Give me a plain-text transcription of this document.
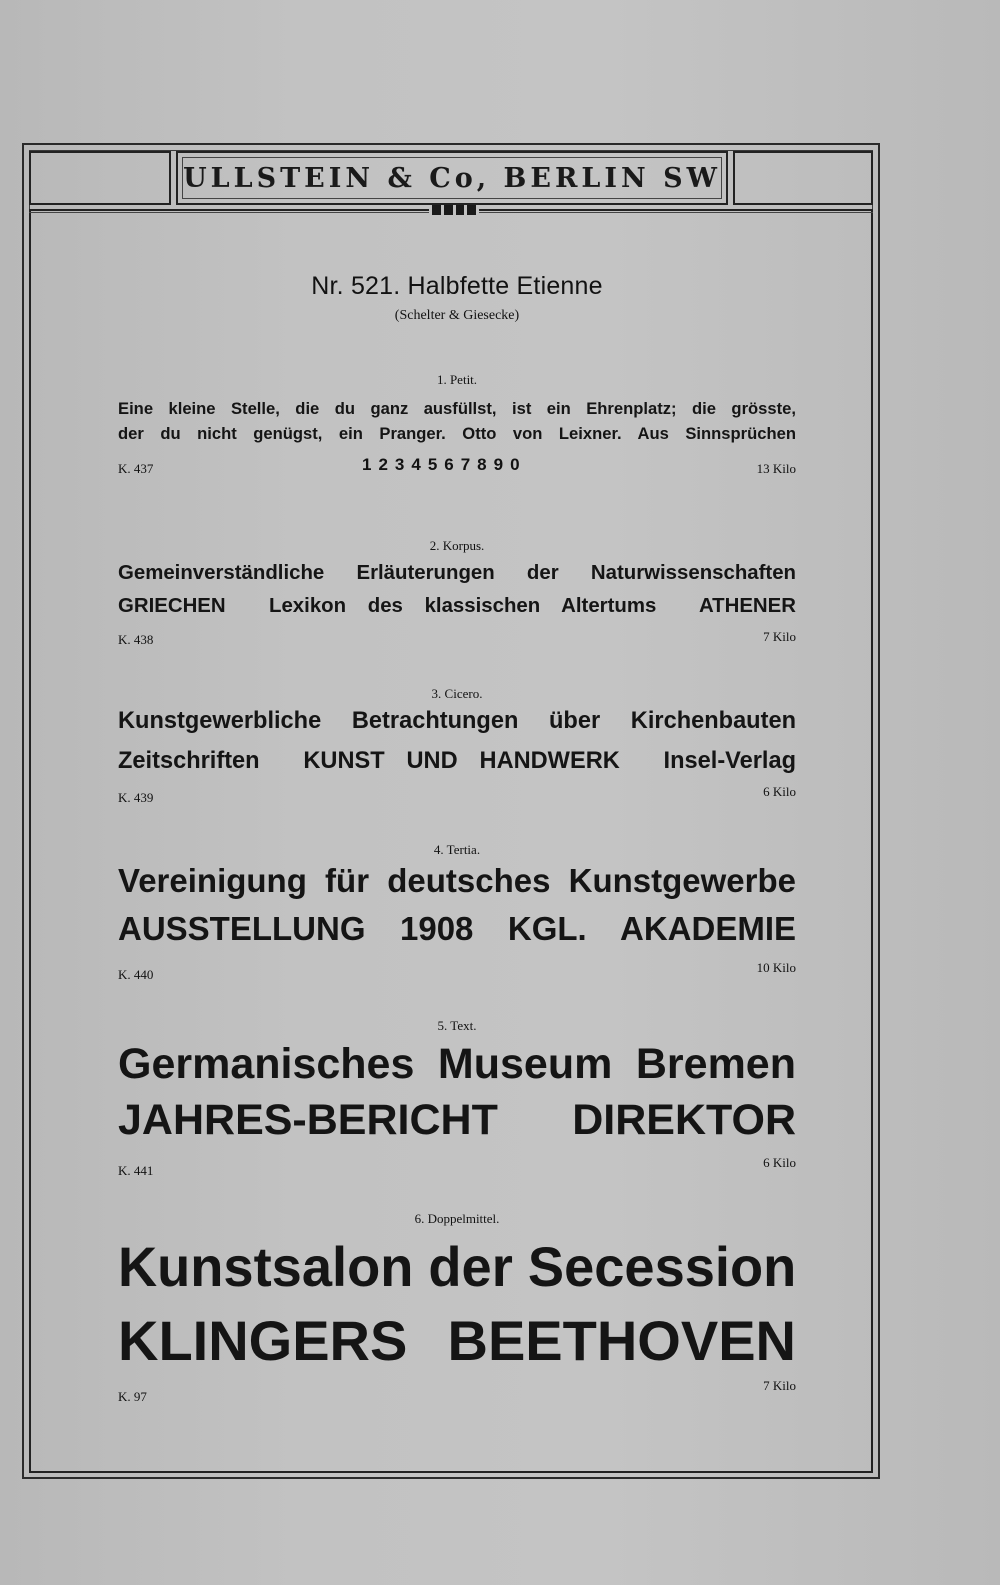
ULLSTEIN & Co, BERLIN SW
Nr. 521. Halbfette Etienne
(Schelter & Giesecke)
1. Petit.
Eine kleine Stelle, die du ganz ausfüllst, ist ein Ehrenplatz; die grösste,
der du nicht genügst, ein Pranger. Otto von Leixner. Aus Sinnsprüchen
K. 437	1234567890	13 Kilo
2. Korpus.
Gemeinverständliche Erläuterungen der Naturwissenschaften
GRIECHEN  Lexikon des klassischen Altertums  ATHENER
K. 438	7 Kilo
3. Cicero.
Kunstgewerbliche Betrachtungen über Kirchenbauten
Zeitschriften  KUNST UND HANDWERK  Insel-Verlag
K. 439	6 Kilo
4. Tertia.
Vereinigung für deutsches Kunstgewerbe
AUSSTELLUNG 1908 KGL. AKADEMIE
K. 440	10 Kilo
5. Text.
Germanisches Museum Bremen
JAHRES-BERICHT DIREKTOR
K. 441
6 Kilo
6. Doppelmittel.
Kunstsalon der Secession
KLINGERS BEETHOVEN
K. 97
7 Kilo
